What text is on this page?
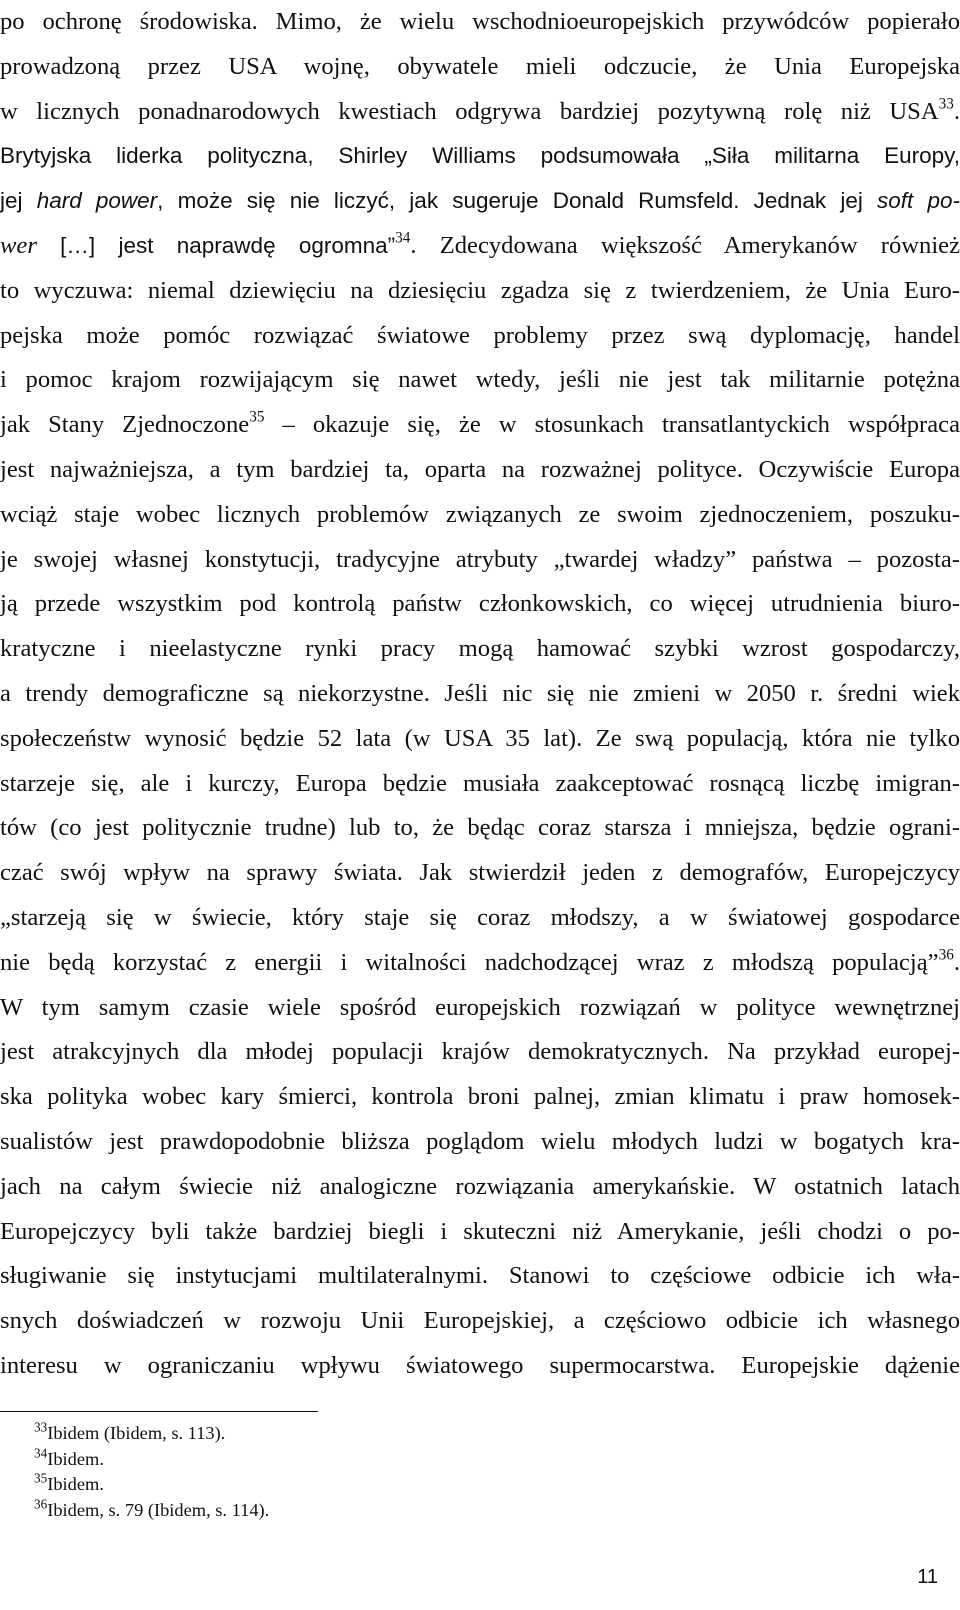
po ochronę środowiska. Mimo, że wielu wschodnioeuropejskich przywódców popierało
prowadzoną przez USA wojnę, obywatele mieli odczucie, że Unia Europejska
w licznych ponadnarodowych kwestiach odgrywa bardziej pozytywną rolę niż USA$^{33}$.
Brytyjska liderka polityczna, Shirley Williams podsumowała „Siła militarna Europy,
jej hard power, może się nie liczyć, jak sugeruje Donald Rumsfeld. Jednak jej soft po-
wer […] jest naprawdę ogromna”$^{34}$. Zdecydowana większość Amerykanów również
to wyczuwa: niemal dziewięciu na dziesięciu zgadza się z twierdzeniem, że Unia Euro-
pejska może pomóc rozwiązać światowe problemy przez swą dyplomację, handel
i pomoc krajom rozwijającym się nawet wtedy, jeśli nie jest tak militarnie potężna
jak Stany Zjednoczone$^{35}$ – okazuje się, że w stosunkach transatlantyckich współpraca
jest najważniejsza, a tym bardziej ta, oparta na rozważnej polityce. Oczywiście Europa
wciąż staje wobec licznych problemów związanych ze swoim zjednoczeniem, poszuku-
je swojej własnej konstytucji, tradycyjne atrybuty „twardej władzy” państwa – pozosta-
ją przede wszystkim pod kontrolą państw członkowskich, co więcej utrudnienia biuro-
kratyczne i nieelastyczne rynki pracy mogą hamować szybki wzrost gospodarczy,
a trendy demograficzne są niekorzystne. Jeśli nic się nie zmieni w 2050 r. średni wiek
społeczeństw wynosić będzie 52 lata (w USA 35 lat). Ze swą populacją, która nie tylko
starzeje się, ale i kurczy, Europa będzie musiała zaakceptować rosnącą liczbę imigran-
tów (co jest politycznie trudne) lub to, że będąc coraz starsza i mniejsza, będzie ograni-
czać swój wpływ na sprawy świata. Jak stwierdził jeden z demografów, Europejczycy
„starzeją się w świecie, który staje się coraz młodszy, a w światowej gospodarce
nie będą korzystać z energii i witalności nadchodzącej wraz z młodszą populacją”$^{36}$.
W tym samym czasie wiele spośród europejskich rozwiązań w polityce wewnętrznej
jest atrakcyjnych dla młodej populacji krajów demokratycznych. Na przykład europej-
ska polityka wobec kary śmierci, kontrola broni palnej, zmian klimatu i praw homosek-
sualistów jest prawdopodobnie bliższa poglądom wielu młodych ludzi w bogatych kra-
jach na całym świecie niż analogiczne rozwiązania amerykańskie. W ostatnich latach
Europejczycy byli także bardziej biegli i skuteczni niż Amerykanie, jeśli chodzi o po-
sługiwanie się instytucjami multilateralnymi. Stanowi to częściowe odbicie ich wła-
snych doświadczeń w rozwoju Unii Europejskiej, a częściowo odbicie ich własnego
interesu w ograniczaniu wpływu światowego supermocarstwa. Europejskie dążenie
$^{33}$Ibidem (Ibidem, s. 113).
$^{34}$Ibidem.
$^{35}$Ibidem.
$^{36}$Ibidem, s. 79 (Ibidem, s. 114).
11
